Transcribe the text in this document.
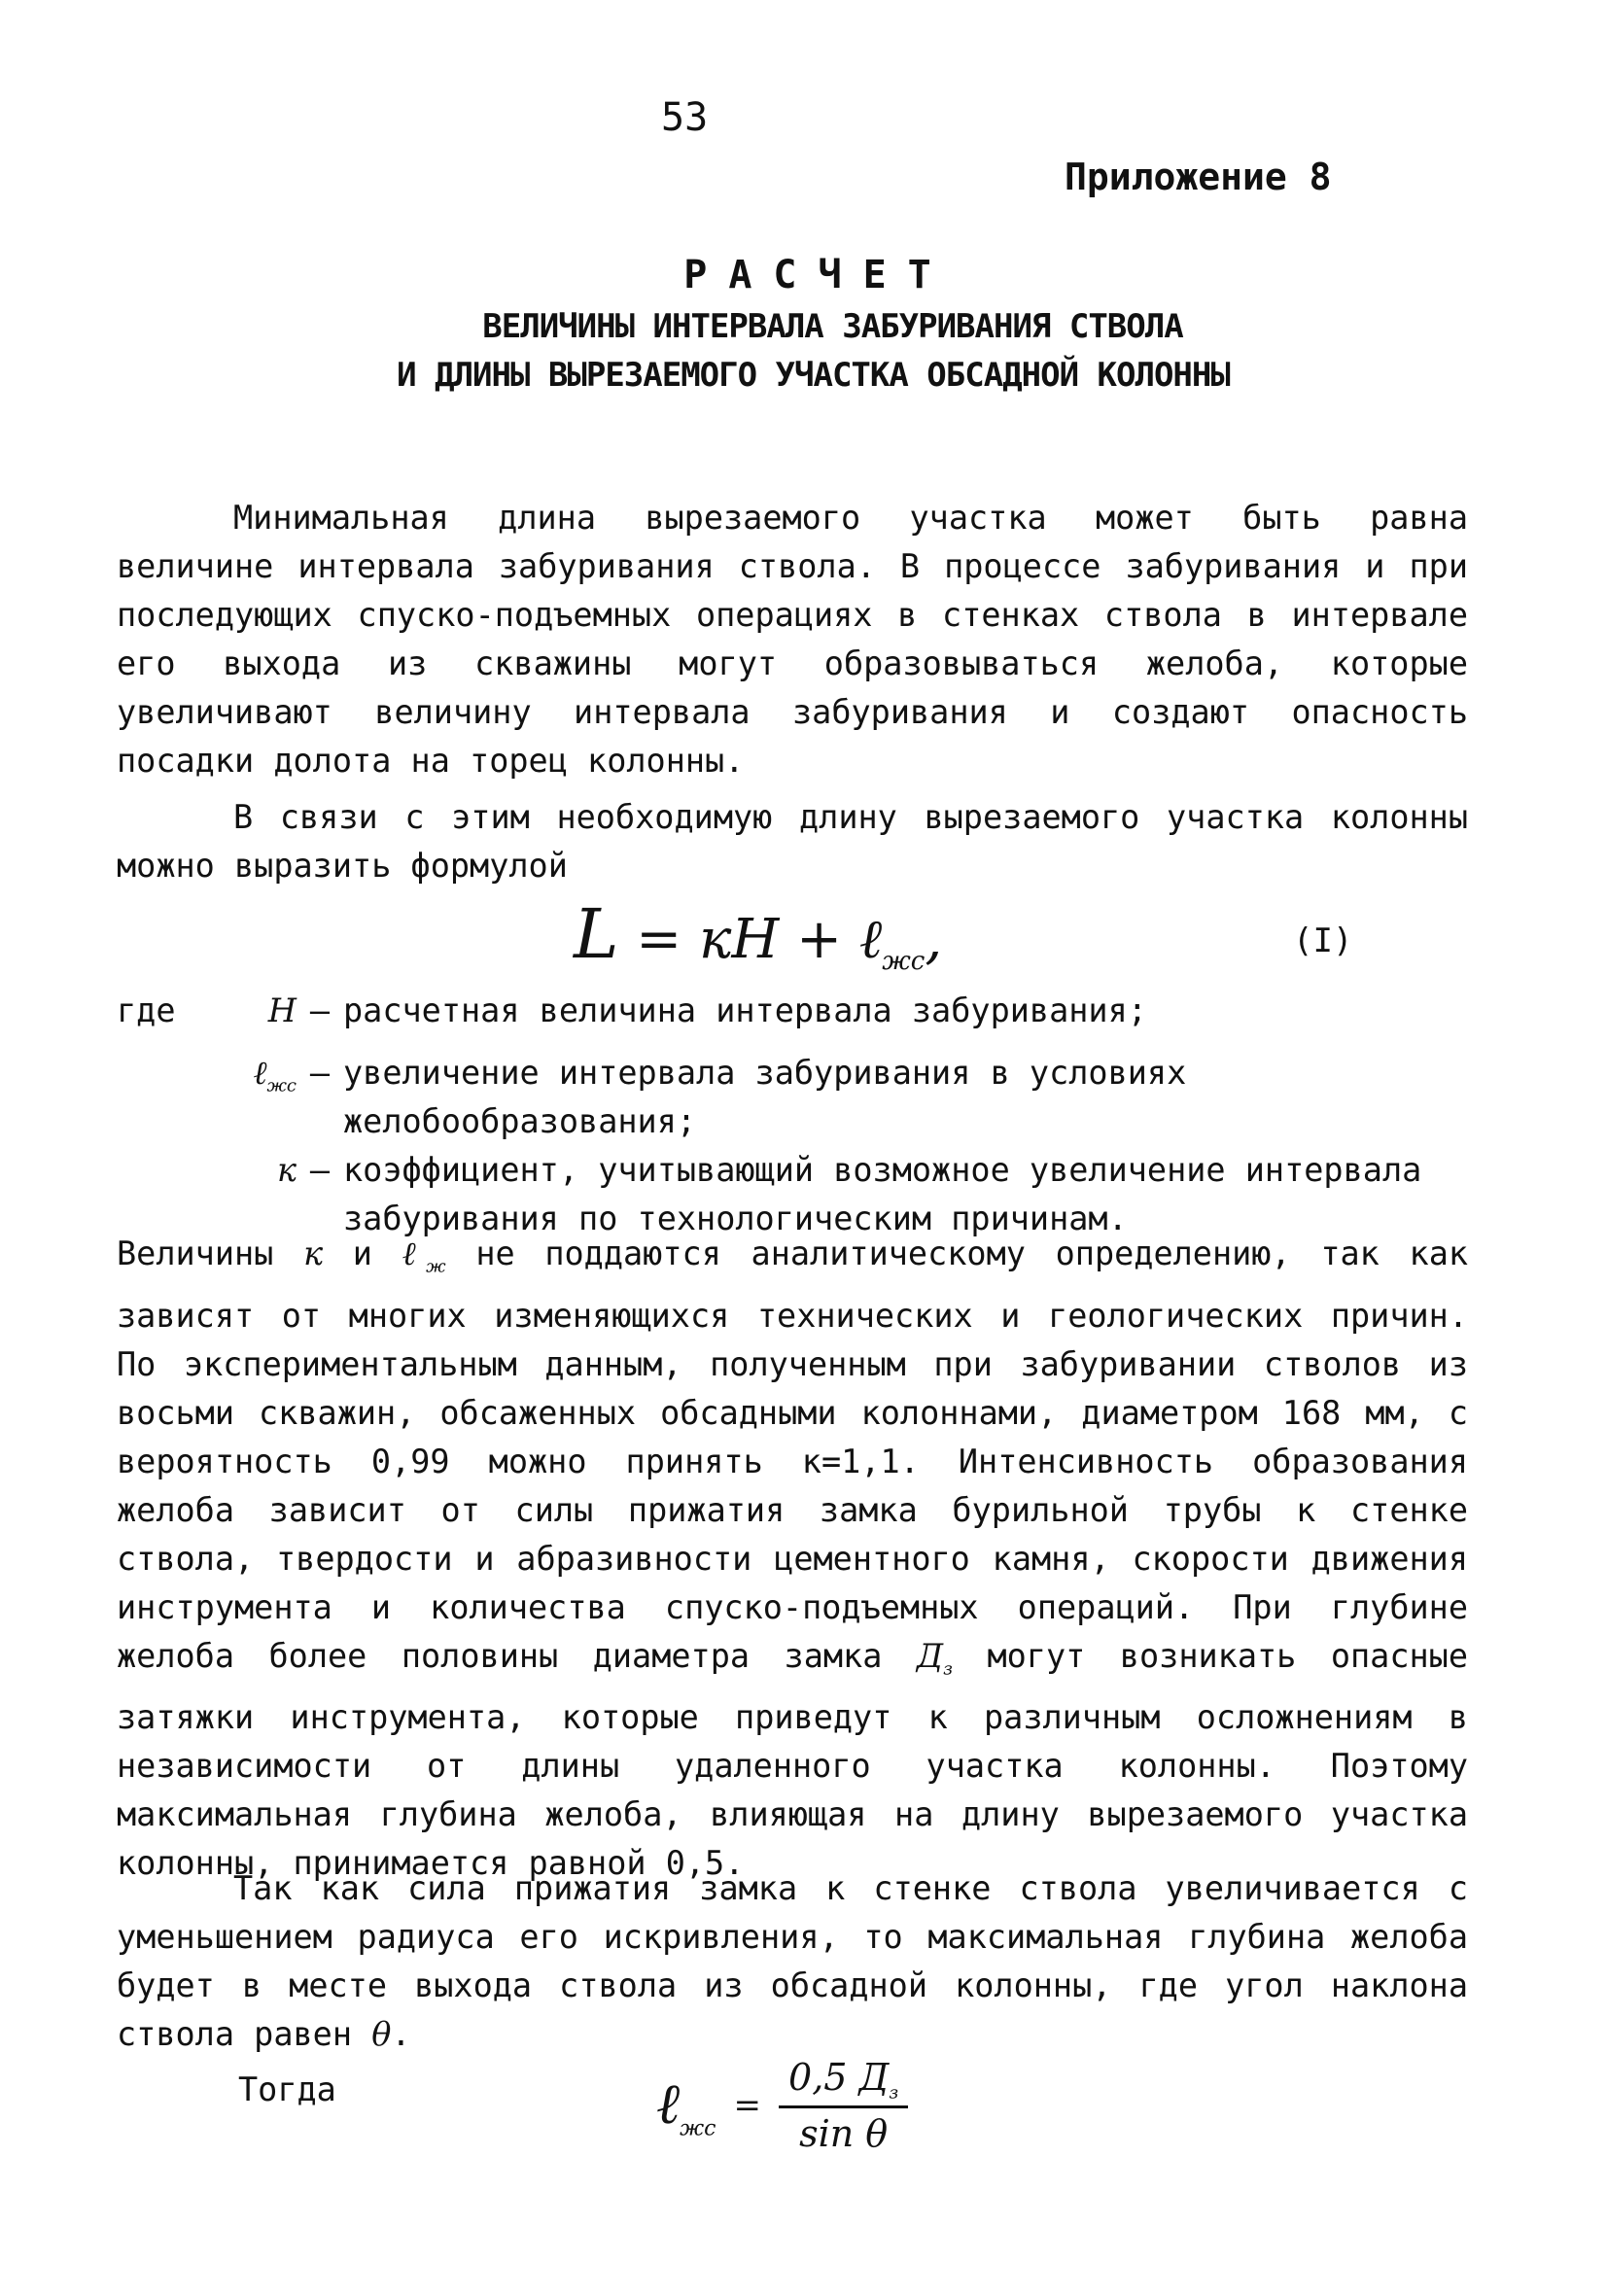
53
Приложение 8
РАСЧЕТ
ВЕЛИЧИНЫ ИНТЕРВАЛА ЗАБУРИВАНИЯ СТВОЛА
И ДЛИНЫ ВЫРЕЗАЕМОГО УЧАСТКА ОБСАДНОЙ КОЛОННЫ
Минимальная длина вырезаемого участка может быть равна величине интервала забуривания ствола. В процессе забуривания и при последующих спуско-подъемных операциях в стенках ствола в интервале его выхода из скважины могут образовываться желоба, которые увеличивают величину интервала забуривания и создают опасность посадки долота на торец колонны.
В связи с этим необходимую длину вырезаемого участка колонны можно выразить формулой
L = кН + ℓ$_{жс}$,	(I)
где	Н – расчетная величина интервала забуривания;
ℓ$_{жс}$ – увеличение интервала забуривания в условиях желобообразования;
к – коэффициент, учитывающий возможное увеличение интервала забуривания по технологическим причинам.
Величины к и ℓ$_ж$ не поддаются аналитическому определению, так как зависят от многих изменяющихся технических и геологических причин. По экспериментальным данным, полученным при забуривании стволов из восьми скважин, обсаженных обсадными колоннами, диаметром 168 мм, с вероятность 0,99 можно принять к=1,1. Интенсивность образования желоба зависит от силы прижатия замка бурильной трубы к стенке ствола, твердости и абразивности цементного камня, скорости движения инструмента и количества спуско-подъемных операций. При глубине желоба более половины диаметра замка $Д_з$ могут возникать опасные затяжки инструмента, которые приведут к различным осложнениям в независимости от длины удаленного участка колонны. Поэтому максимальная глубина желоба, влияющая на длину вырезаемого участка колонны, принимается равной 0,5.
Так как сила прижатия замка к стенке ствола увеличивается с уменьшением радиуса его искривления, то максимальная глубина желоба будет в месте выхода ствола из обсадной колонны, где угол наклона ствола равен θ.
Тогда	ℓ$_{жс}$
= $\frac{0,5 Д_з}{\text{sin θ}}$
